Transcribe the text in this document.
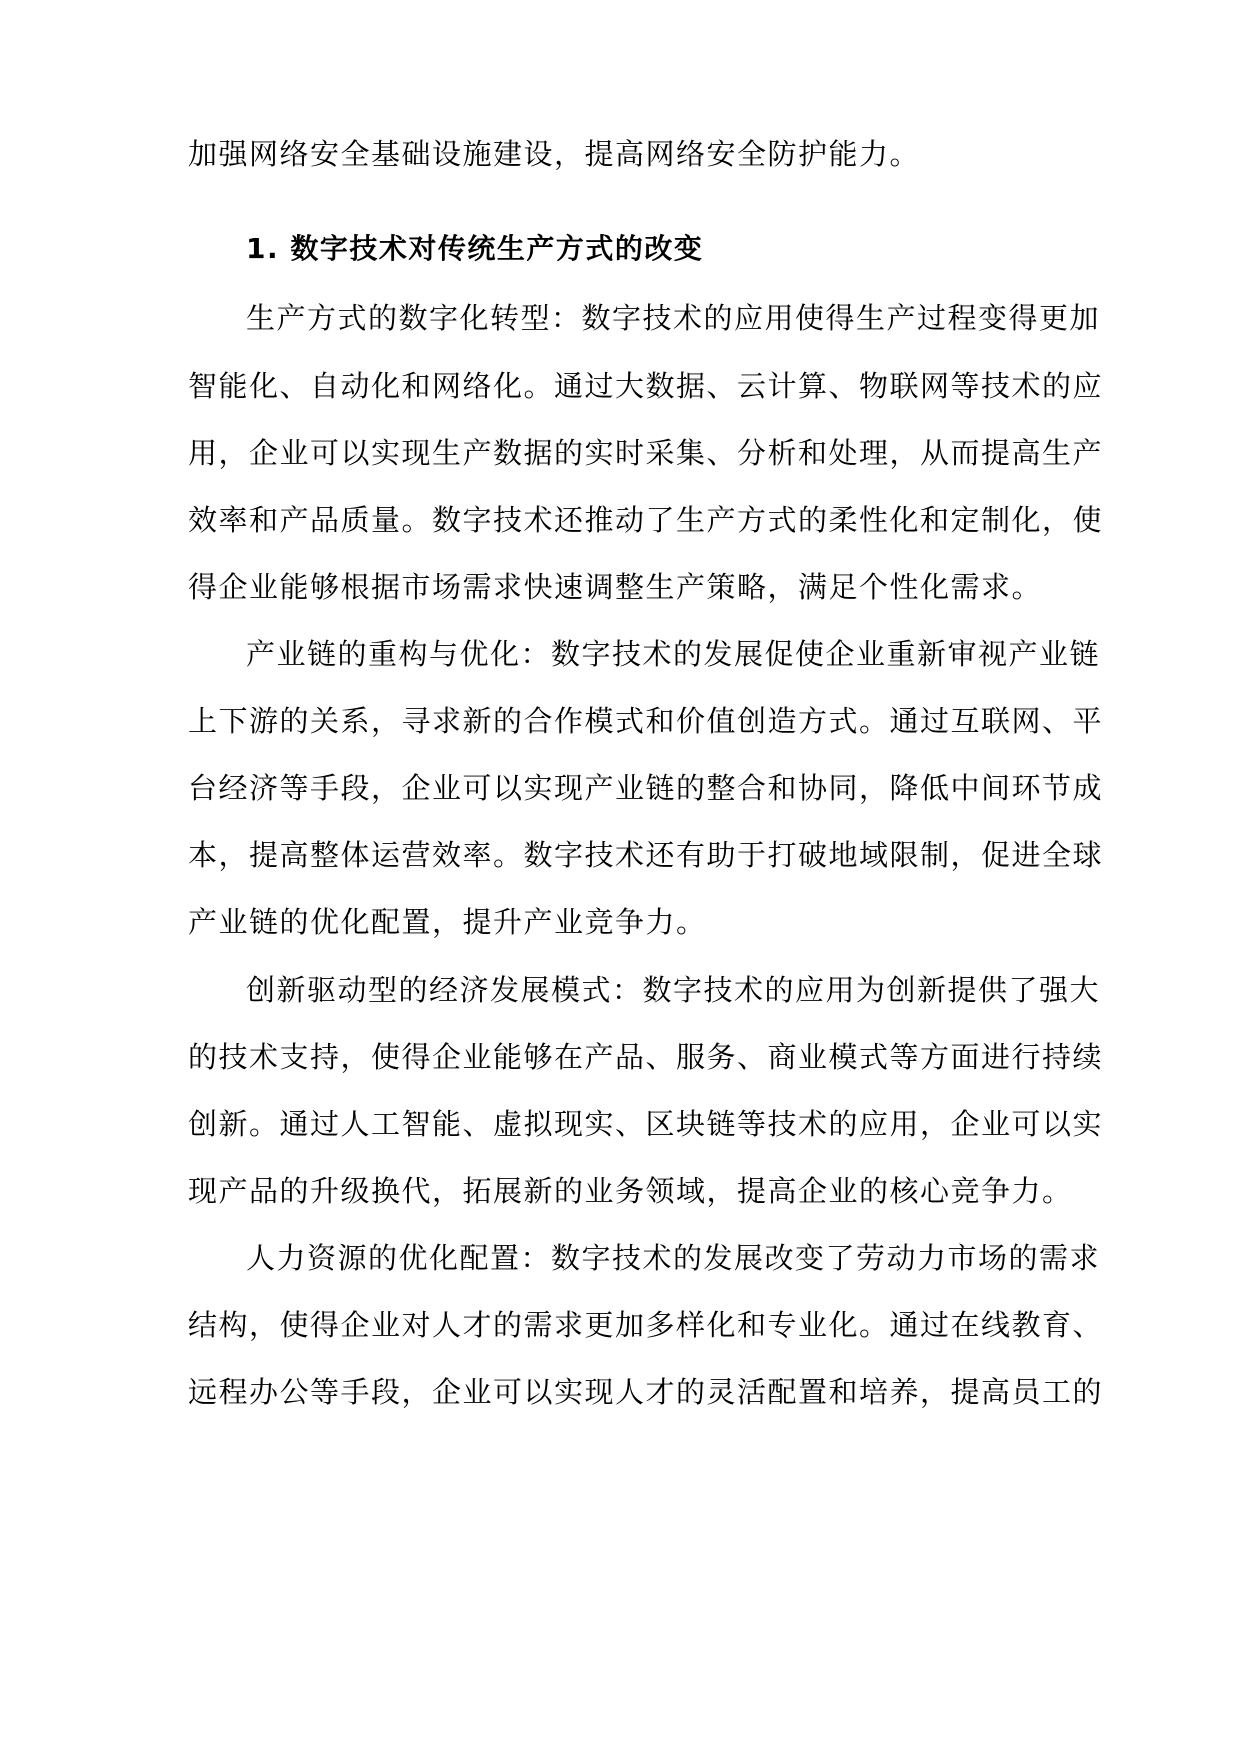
加强网络安全基础设施建设，提高网络安全防护能力。
1. 数字技术对传统生产方式的改变
生产方式的数字化转型：数字技术的应用使得生产过程变得更加
智能化、自动化和网络化。通过大数据、云计算、物联网等技术的应
用，企业可以实现生产数据的实时采集、分析和处理，从而提高生产
效率和产品质量。数字技术还推动了生产方式的柔性化和定制化，使
得企业能够根据市场需求快速调整生产策略，满足个性化需求。
产业链的重构与优化：数字技术的发展促使企业重新审视产业链
上下游的关系，寻求新的合作模式和价值创造方式。通过互联网、平
台经济等手段，企业可以实现产业链的整合和协同，降低中间环节成
本，提高整体运营效率。数字技术还有助于打破地域限制，促进全球
产业链的优化配置，提升产业竞争力。
创新驱动型的经济发展模式：数字技术的应用为创新提供了强大
的技术支持，使得企业能够在产品、服务、商业模式等方面进行持续
创新。通过人工智能、虚拟现实、区块链等技术的应用，企业可以实
现产品的升级换代，拓展新的业务领域，提高企业的核心竞争力。
人力资源的优化配置：数字技术的发展改变了劳动力市场的需求
结构，使得企业对人才的需求更加多样化和专业化。通过在线教育、
远程办公等手段，企业可以实现人才的灵活配置和培养，提高员工的
